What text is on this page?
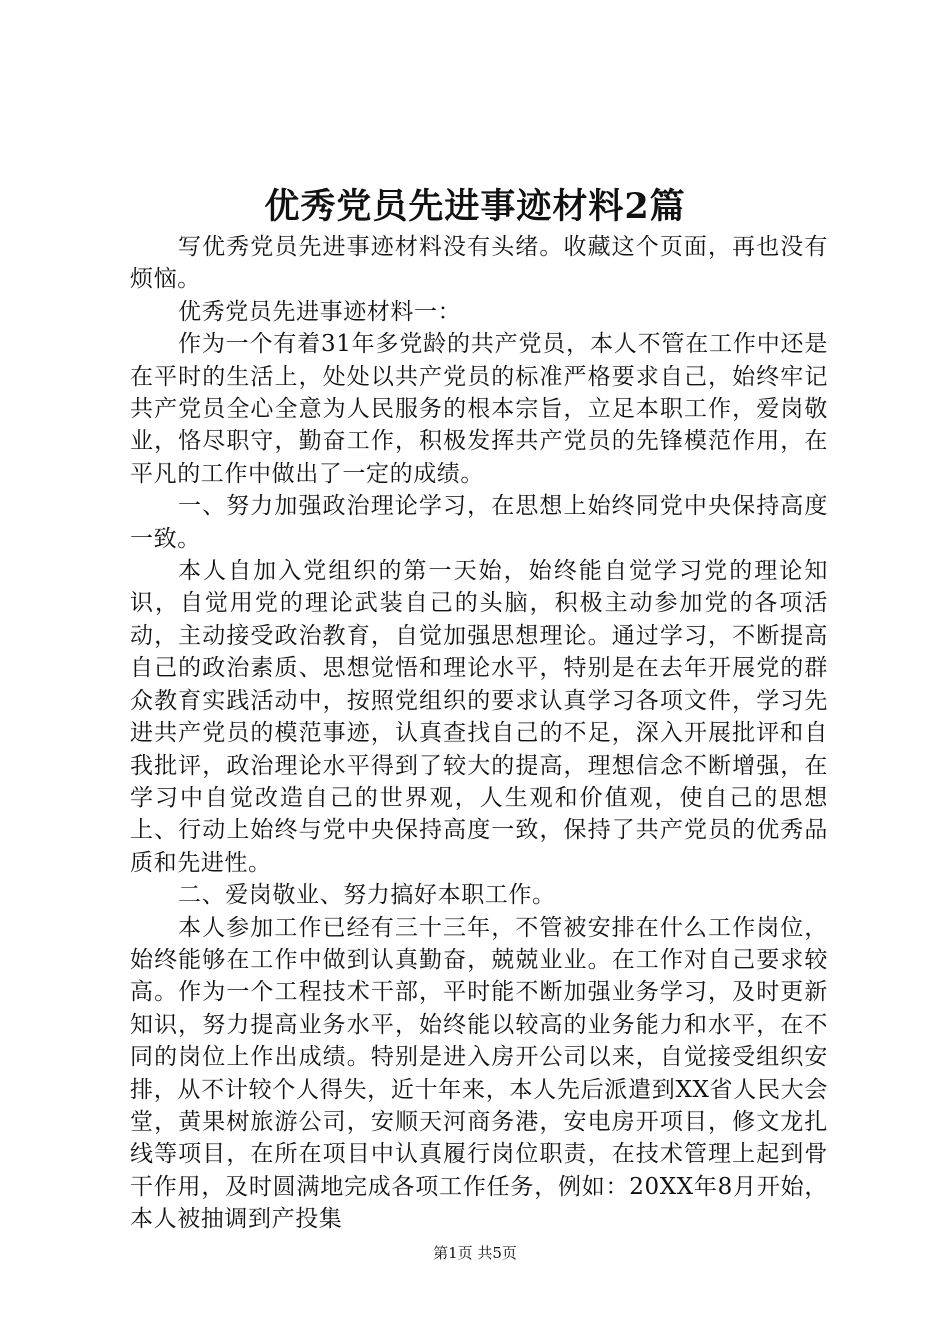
优秀党员先进事迹材料2篇

写优秀党员先进事迹材料没有头绪。收藏这个页面，再也没有烦恼。

优秀党员先进事迹材料一：

作为一个有着31年多党龄的共产党员，本人不管在工作中还是在平时的生活上，处处以共产党员的标准严格要求自己，始终牢记共产党员全心全意为人民服务的根本宗旨，立足本职工作，爱岗敬业，恪尽职守，勤奋工作，积极发挥共产党员的先锋模范作用，在平凡的工作中做出了一定的成绩。

一、努力加强政治理论学习，在思想上始终同党中央保持高度一致。

本人自加入党组织的第一天始，始终能自觉学习党的理论知识，自觉用党的理论武装自己的头脑，积极主动参加党的各项活动，主动接受政治教育，自觉加强思想理论。通过学习，不断提高自己的政治素质、思想觉悟和理论水平，特别是在去年开展党的群众教育实践活动中，按照党组织的要求认真学习各项文件，学习先进共产党员的模范事迹，认真查找自己的不足，深入开展批评和自我批评，政治理论水平得到了较大的提高，理想信念不断增强，在学习中自觉改造自己的世界观，人生观和价值观，使自己的思想上、行动上始终与党中央保持高度一致，保持了共产党员的优秀品质和先进性。

二、爱岗敬业、努力搞好本职工作。

本人参加工作已经有三十三年，不管被安排在什么工作岗位，始终能够在工作中做到认真勤奋，兢兢业业。在工作对自己要求较高。作为一个工程技术干部，平时能不断加强业务学习，及时更新知识，努力提高业务水平，始终能以较高的业务能力和水平，在不同的岗位上作出成绩。特别是进入房开公司以来，自觉接受组织安排，从不计较个人得失，近十年来，本人先后派遣到XX省人民大会堂，黄果树旅游公司，安顺天河商务港，安电房开项目，修文龙扎线等项目，在所在项目中认真履行岗位职责，在技术管理上起到骨干作用，及时圆满地完成各项工作任务，例如：20XX年8月开始，本人被抽调到产投集

第1页 共5页
